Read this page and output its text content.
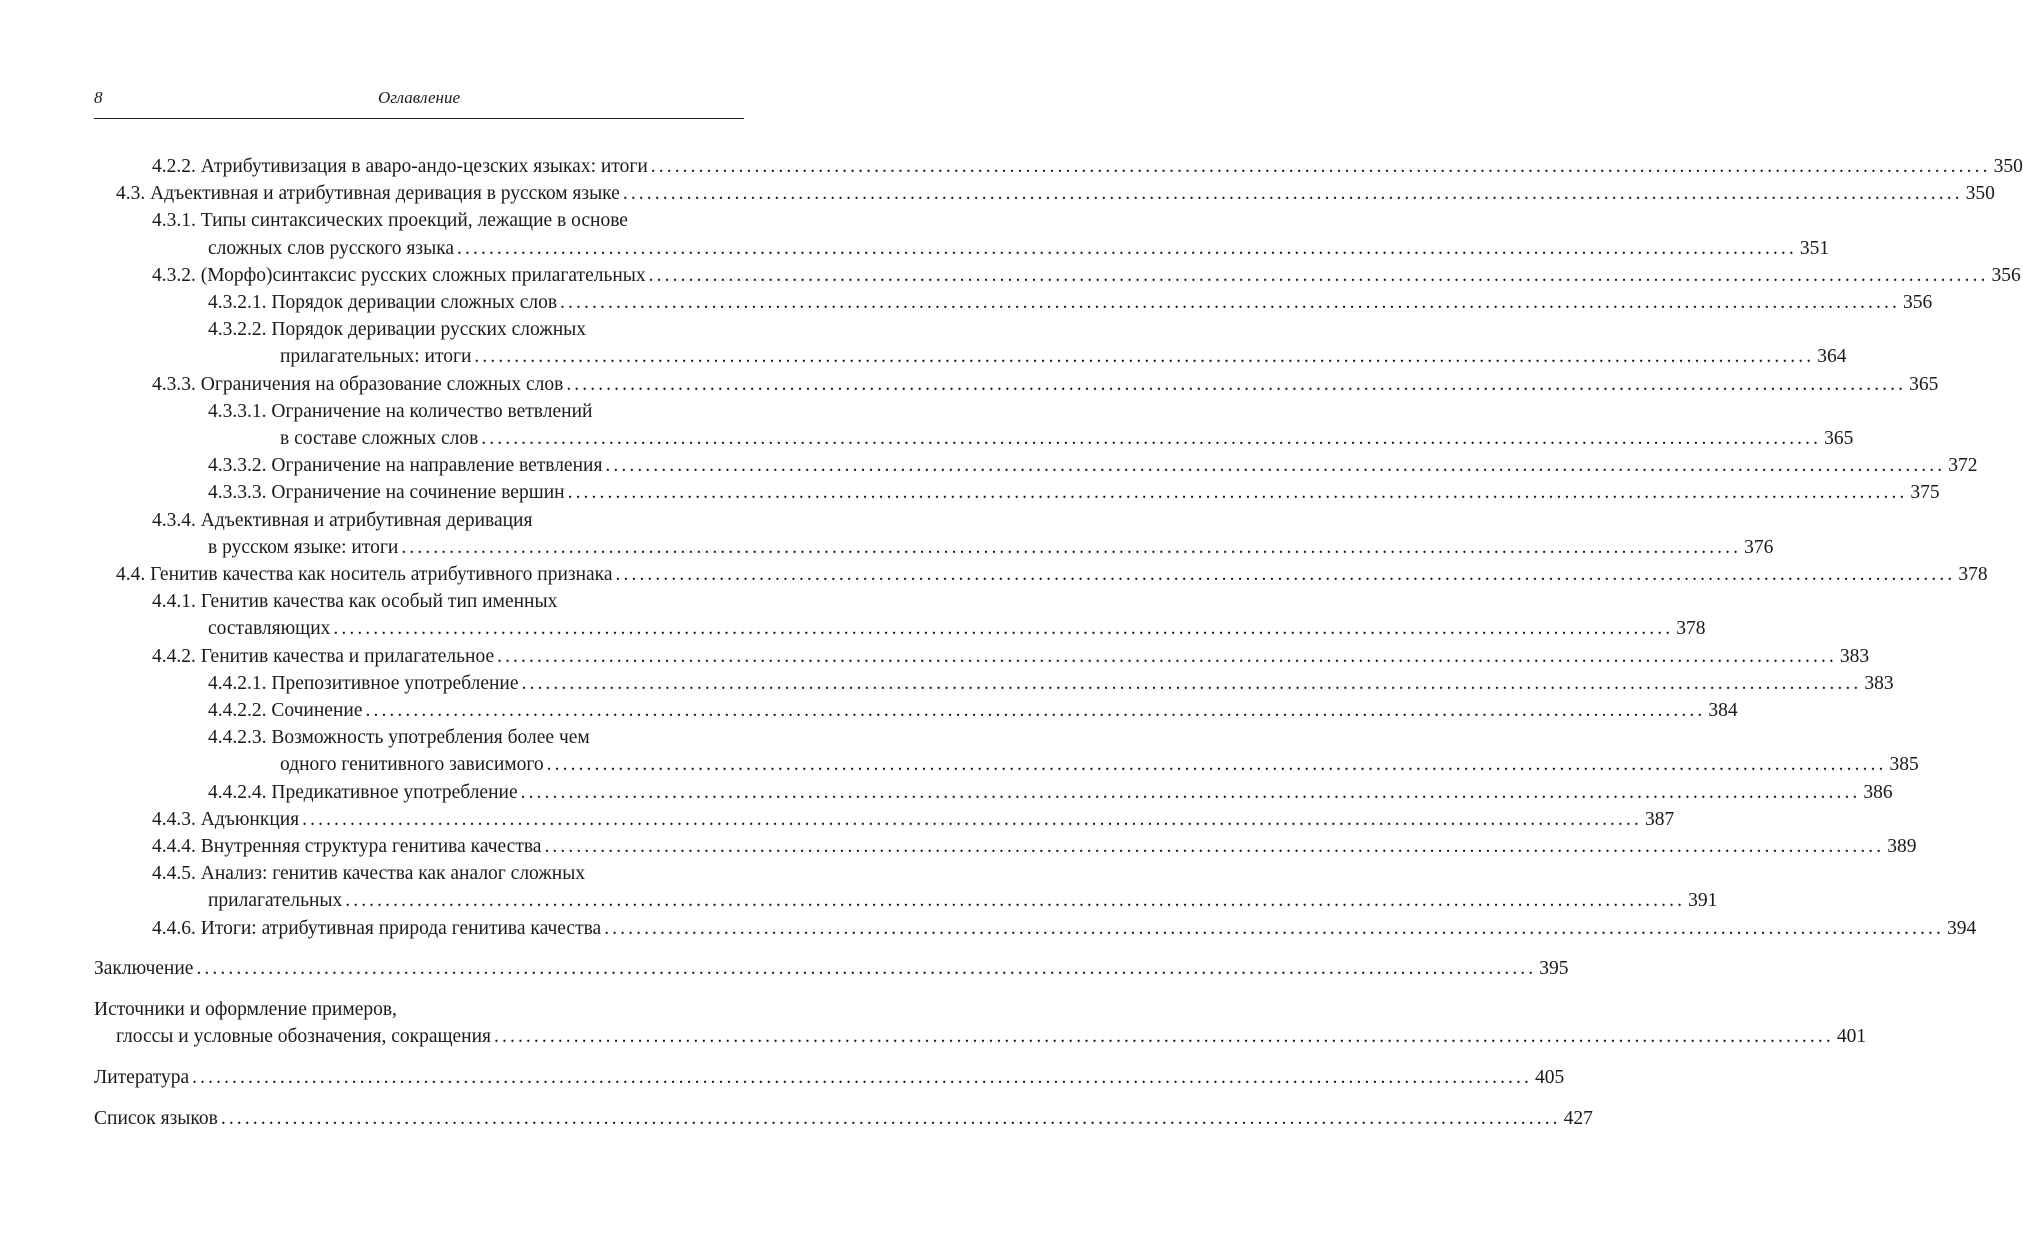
8	Оглавление
4.2.2. Атрибутивизация в аваро-андо-цезских языках: итоги ........................................................................................................................................................................ 350
4.3. Адъективная и атрибутивная деривация в русском языке ........................................................................................................................................................................ 350
4.3.1. Типы синтаксических проекций, лежащие в основе
сложных слов русского языка ........................................................................................................................................................................ 351
4.3.2. (Морфо)синтаксис русских сложных прилагательных ........................................................................................................................................................................ 356
4.3.2.1. Порядок деривации сложных слов ........................................................................................................................................................................ 356
4.3.2.2. Порядок деривации русских сложных
прилагательных: итоги ........................................................................................................................................................................ 364
4.3.3. Ограничения на образование сложных слов ........................................................................................................................................................................ 365
4.3.3.1. Ограничение на количество ветвлений
в составе сложных слов ........................................................................................................................................................................ 365
4.3.3.2. Ограничение на направление ветвления ........................................................................................................................................................................ 372
4.3.3.3. Ограничение на сочинение вершин ........................................................................................................................................................................ 375
4.3.4. Адъективная и атрибутивная деривация
в русском языке: итоги ........................................................................................................................................................................ 376
4.4. Генитив качества как носитель атрибутивного признака ........................................................................................................................................................................ 378
4.4.1. Генитив качества как особый тип именных
составляющих ........................................................................................................................................................................ 378
4.4.2. Генитив качества и прилагательное ........................................................................................................................................................................ 383
4.4.2.1. Препозитивное употребление ........................................................................................................................................................................ 383
4.4.2.2. Сочинение ........................................................................................................................................................................ 384
4.4.2.3. Возможность употребления более чем
одного генитивного зависимого ........................................................................................................................................................................ 385
4.4.2.4. Предикативное употребление ........................................................................................................................................................................ 386
4.4.3. Адъюнкция ........................................................................................................................................................................ 387
4.4.4. Внутренняя структура генитива качества ........................................................................................................................................................................ 389
4.4.5. Анализ: генитив качества как аналог сложных
прилагательных ........................................................................................................................................................................ 391
4.4.6. Итоги: атрибутивная природа генитива качества ........................................................................................................................................................................ 394
Заключение ........................................................................................................................................................................ 395
Источники и оформление примеров,
глоссы и условные обозначения, сокращения ........................................................................................................................................................................ 401
Литература ........................................................................................................................................................................ 405
Список языков ........................................................................................................................................................................ 427
